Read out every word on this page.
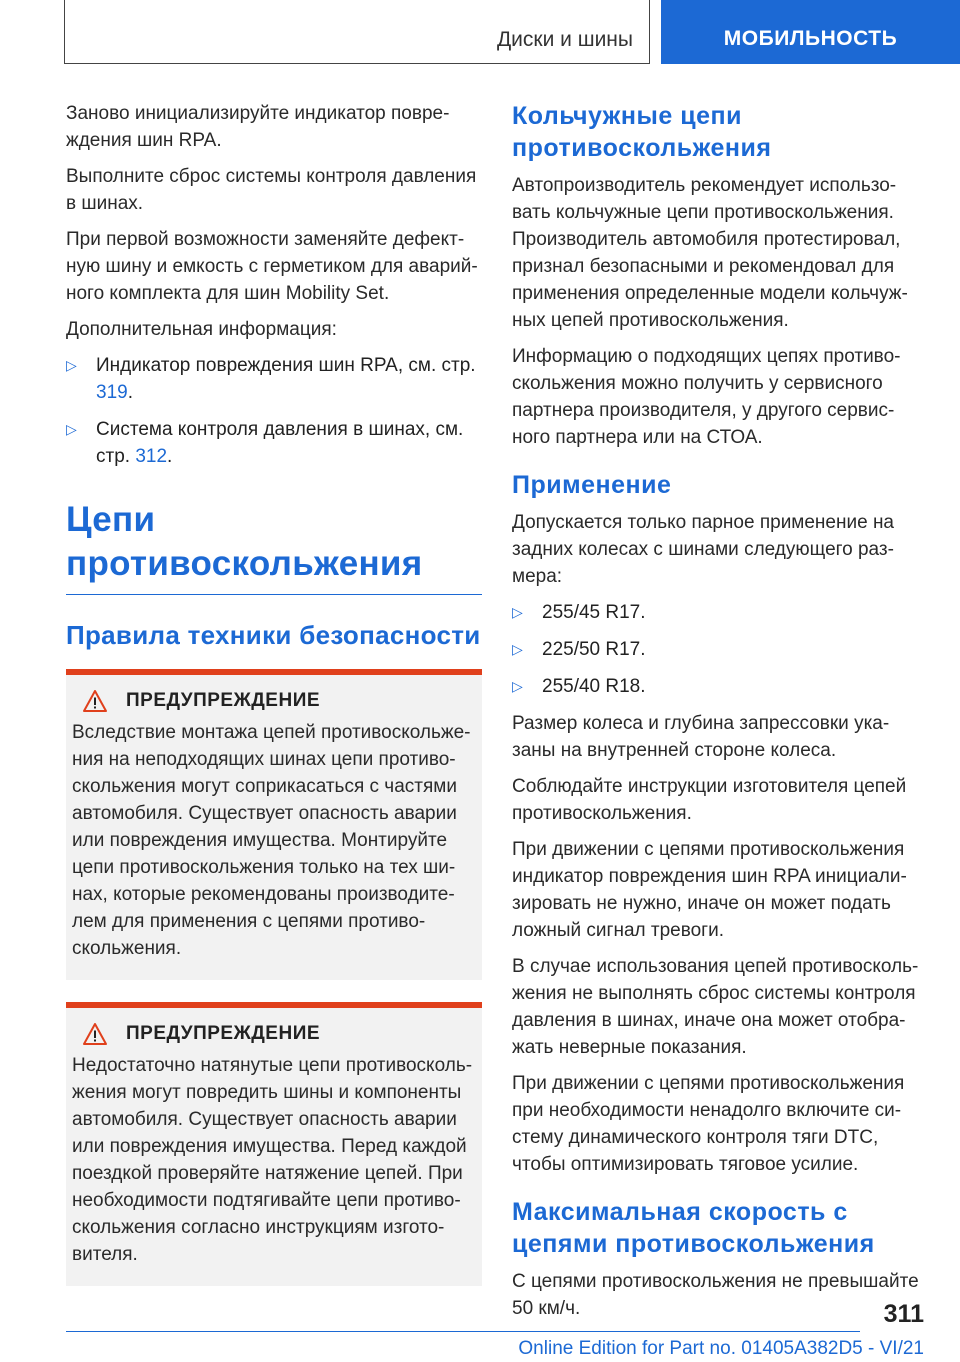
Диски и шины	МОБИЛЬНОСТЬ

Заново инициализируйте индикатор повре-ждения шин RPA.

Выполните сброс системы контроля давления в шинах.

При первой возможности заменяйте дефект-ную шину и емкость с герметиком для аварий-ного комплекта для шин Mobility Set.

Дополнительная информация:

▷ Индикатор повреждения шин RPA, см. стр. 319.
▷ Система контроля давления в шинах, см. стр. 312.
Цепи противоскольжения
Правила техники безопасности
ПРЕДУПРЕЖДЕНИЕ

Вследствие монтажа цепей противоскольже-ния на неподходящих шинах цепи противо-скольжения могут соприкасаться с частями автомобиля. Существует опасность аварии или повреждения имущества. Монтируйте цепи противоскольжения только на тех ши-нах, которые рекомендованы производите-лем для применения с цепями противо-скольжения.

ПРЕДУПРЕЖДЕНИЕ

Недостаточно натянутые цепи противосколь-жения могут повредить шины и компоненты автомобиля. Существует опасность аварии или повреждения имущества. Перед каждой поездкой проверяйте натяжение цепей. При необходимости подтягивайте цепи противо-скольжения согласно инструкциям изгото-вителя.

Кольчужные цепи противоскольжения

Автопроизводитель рекомендует использо-вать кольчужные цепи противоскольжения. Производитель автомобиля протестировал, признал безопасными и рекомендовал для применения определенные модели кольчуж-ных цепей противоскольжения.

Информацию о подходящих цепях противо-скольжения можно получить у сервисного партнера производителя, у другого сервис-ного партнера или на СТОА.

Применение

Допускается только парное применение на задних колесах с шинами следующего раз-мера:

▷ 255/45 R17.
▷ 225/50 R17.
▷ 255/40 R18.

Размер колеса и глубина запрессовки ука-заны на внутренней стороне колеса.

Соблюдайте инструкции изготовителя цепей противоскольжения.

При движении с цепями противоскольжения индикатор повреждения шин RPA инициали-зировать не нужно, иначе он может подать ложный сигнал тревоги.

В случае использования цепей противосколь-жения не выполнять сброс системы контроля давления в шинах, иначе она может отобра-жать неверные показания.

При движении с цепями противоскольжения при необходимости ненадолго включите си-стему динамического контроля тяги DTC, чтобы оптимизировать тяговое усилие.

Максимальная скорость с цепями противоскольжения

С цепями противоскольжения не превышайте 50 км/ч.	311
Online Edition for Part no. 01405A382D5 - VI/21
